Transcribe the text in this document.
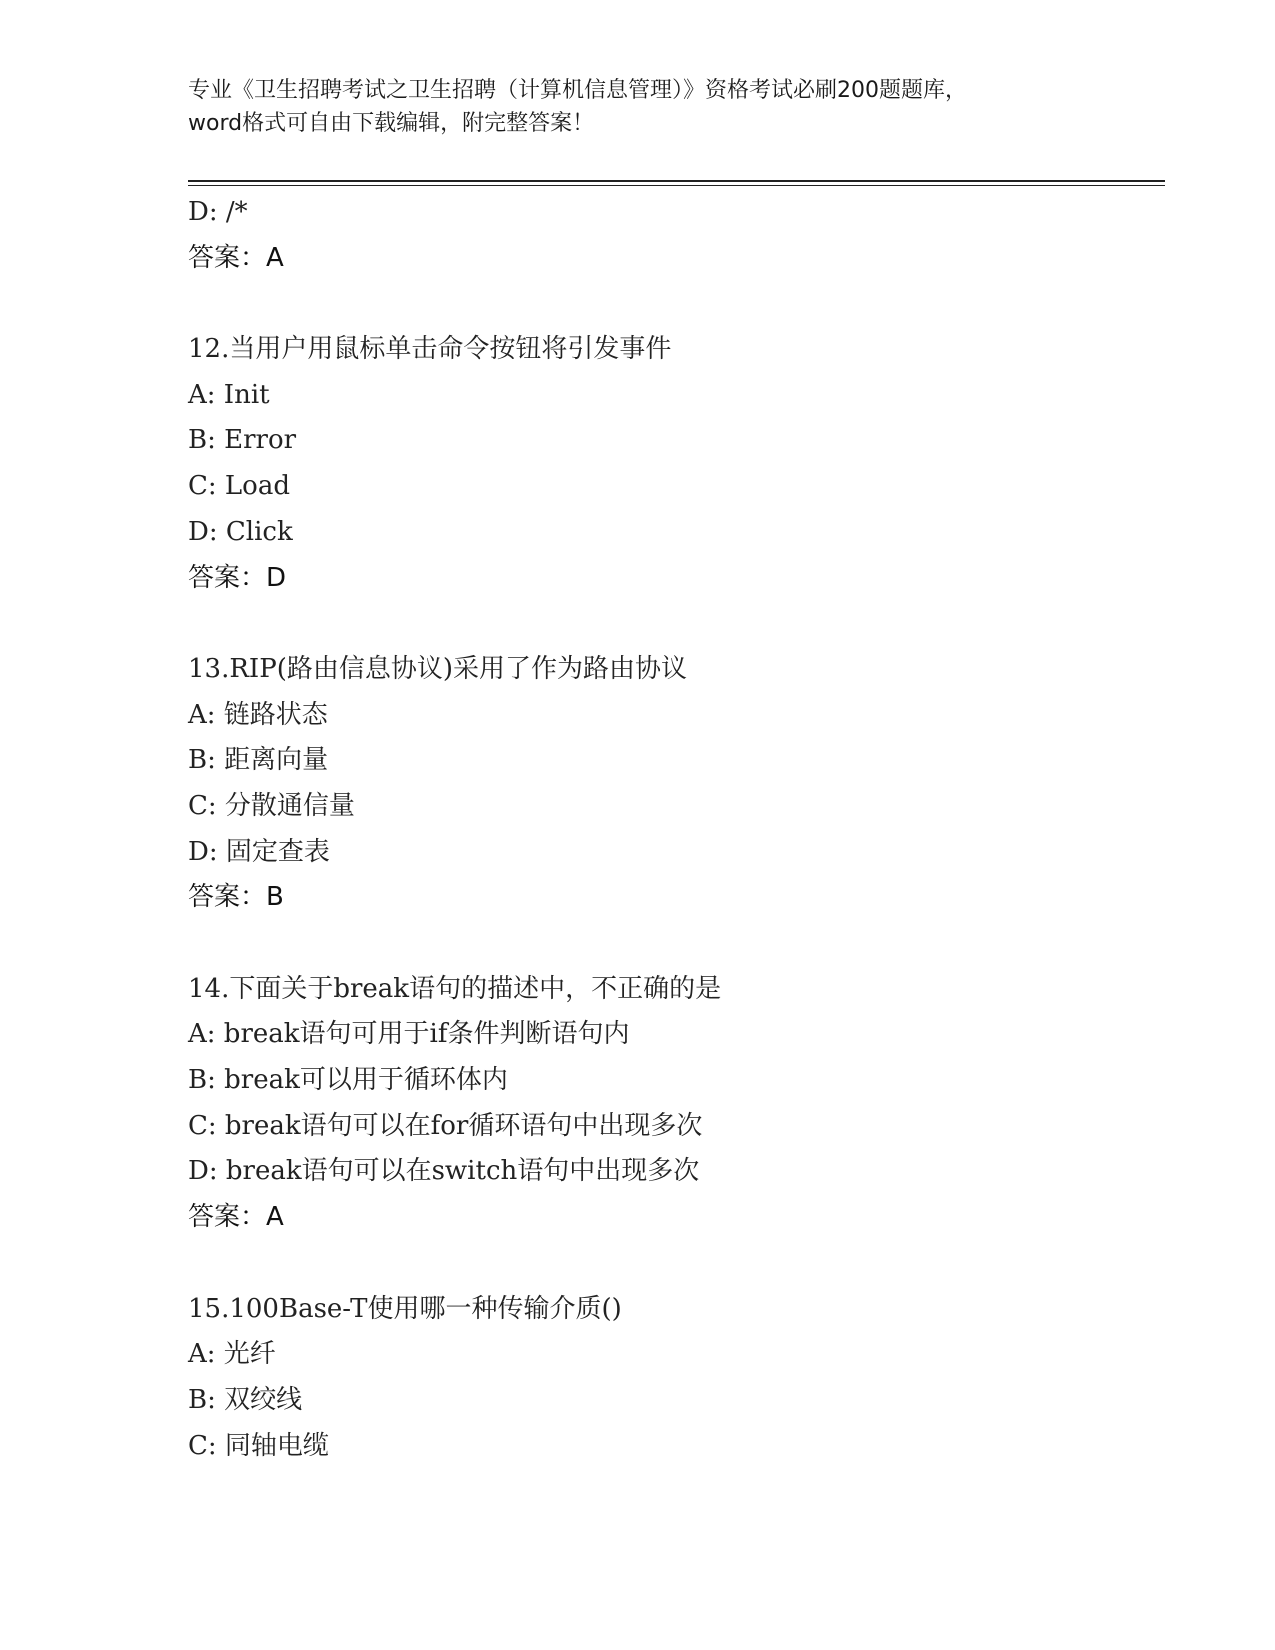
专业《卫生招聘考试之卫生招聘（计算机信息管理）》资格考试必刷200题题库，
word格式可自由下载编辑，附完整答案！
D: /*
答案：A
12.当用户用鼠标单击命令按钮将引发事件
A: Init
B: Error
C: Load
D: Click
答案：D
13.RIP(路由信息协议)采用了作为路由协议
A: 链路状态
B: 距离向量
C: 分散通信量
D: 固定查表
答案：B
14.下面关于break语句的描述中，不正确的是
A: break语句可用于if条件判断语句内
B: break可以用于循环体内
C: break语句可以在for循环语句中出现多次
D: break语句可以在switch语句中出现多次
答案：A
15.100Base-T使用哪一种传输介质()
A: 光纤
B: 双绞线
C: 同轴电缆
